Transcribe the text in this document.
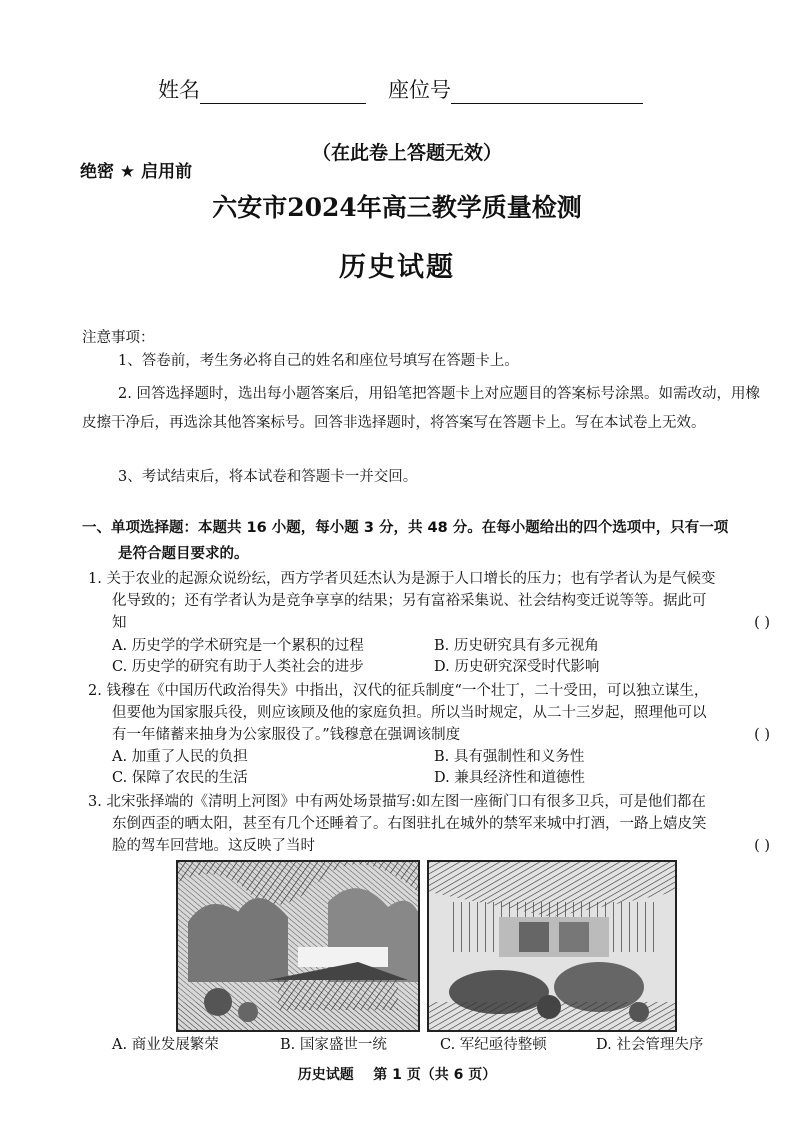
姓名	座位号
（在此卷上答题无效）
绝密 ★ 启用前
六安市2024年高三教学质量检测
历史试题
注意事项：
1、答卷前，考生务必将自己的姓名和座位号填写在答题卡上。
2. 回答选择题时，选出每小题答案后，用铅笔把答题卡上对应题目的答案标号涂黑。如需改动，用橡皮擦干净后，再选涂其他答案标号。回答非选择题时，将答案写在答题卡上。写在本试卷上无效。
3、考试结束后，将本试卷和答题卡一并交回。
一、单项选择题：本题共 16 小题，每小题 3 分，共 48 分。在每小题给出的四个选项中，只有一项
是符合题目要求的。
1. 关于农业的起源众说纷纭，西方学者贝廷杰认为是源于人口增长的压力；也有学者认为是气候变
化导致的；还有学者认为是竞争享享的结果；另有富裕采集说、社会结构变迁说等等。据此可
知	( )
A. 历史学的学术研究是一个累积的过程	B. 历史研究具有多元视角
C. 历史学的研究有助于人类社会的进步	D. 历史研究深受时代影响
2. 钱穆在《中国历代政治得失》中指出，汉代的征兵制度“一个壮丁，二十受田，可以独立谋生，
但要他为国家服兵役，则应该顾及他的家庭负担。所以当时规定，从二十三岁起，照理他可以
有一年储蓄来抽身为公家服役了。”钱穆意在强调该制度	( )
A. 加重了人民的负担	B. 具有强制性和义务性
C. 保障了农民的生活	D. 兼具经济性和道德性
3. 北宋张择端的《清明上河图》中有两处场景描写:如左图一座衙门口有很多卫兵，可是他们都在
东倒西歪的晒太阳，甚至有几个还睡着了。右图驻扎在城外的禁军来城中打酒，一路上嬉皮笑
脸的驾车回营地。这反映了当时	( )
A. 商业发展繁荣	B. 国家盛世一统	C. 军纪亟待整顿	D. 社会管理失序
历史试题    第 1 页（共 6 页）
